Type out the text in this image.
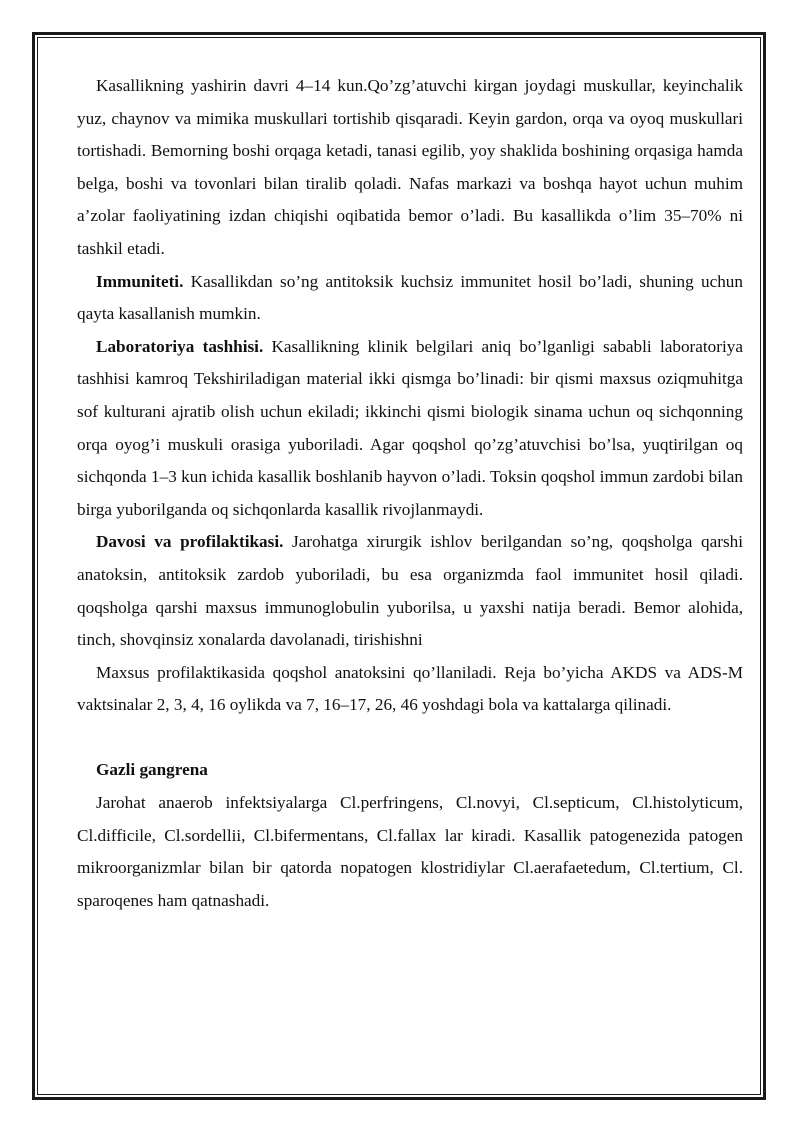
Kasallikning yashirin davri 4–14 kun.Qo’zg’atuvchi kirgan joydagi muskullar, keyinchalik yuz, chaynov va mimika muskullari tortishib qisqaradi. Keyin gardon, orqa va oyoq muskullari tortishadi. Bemorning boshi orqaga ketadi, tanasi egilib, yoy shaklida boshining orqasiga hamda belga, boshi va tovonlari bilan tiralib qoladi. Nafas markazi va boshqa hayot uchun muhim a’zolar faoliyatining izdan chiqishi oqibatida bemor o’ladi. Bu kasallikda o’lim 35–70% ni tashkil etadi.

Immuniteti. Kasallikdan so’ng antitoksik kuchsiz immunitet hosil bo’ladi, shuning uchun qayta kasallanish mumkin.

Laboratoriya tashhisi. Kasallikning klinik belgilari aniq bo’lganligi sababli laboratoriya tashhisi kamroq Tekshiriladigan material ikki qismga bo’linadi: bir qismi maxsus oziqmuhitga sof kulturani ajratib olish uchun ekiladi; ikkinchi qismi biologik sinama uchun oq sichqonning orqa oyog’i muskuli orasiga yuboriladi. Agar qoqshol qo’zg’atuvchisi bo’lsa, yuqtirilgan oq sichqonda 1–3 kun ichida kasallik boshlanib hayvon o’ladi. Toksin qoqshol immun zardobi bilan birga yuborilganda oq sichqonlarda kasallik rivojlanmaydi.

Davosi va profilaktikasi. Jarohatga xirurgik ishlov berilgandan so’ng, qoqsholga qarshi anatoksin, antitoksik zardob yuboriladi, bu esa organizmda faol immunitet hosil qiladi. qoqsholga qarshi maxsus immunoglobulin yuborilsa, u yaxshi natija beradi. Bemor alohida, tinch, shovqinsiz xonalarda davolanadi, tirishishni

Maxsus profilaktikasida qoqshol anatoksini qo’llaniladi. Reja bo’yicha AKDS va ADS-M vaktsinalar 2, 3, 4, 16 oylikda va 7, 16–17, 26, 46 yoshdagi bola va kattalarga qilinadi.

Gazli gangrena

Jarohat anaerob infektsiyalarga Cl.perfringens, Cl.novyi, Cl.septicum, Cl.histolyticum, Cl.difficile, Cl.sordellii, Cl.bifermentans, Cl.fallax lar kiradi. Kasallik patogenezida patogen mikroorganizmlar bilan bir qatorda nopatogen klostridiylar Cl.aerafaetedum, Cl.tertium, Cl. sparoqenes ham qatnashadi.
